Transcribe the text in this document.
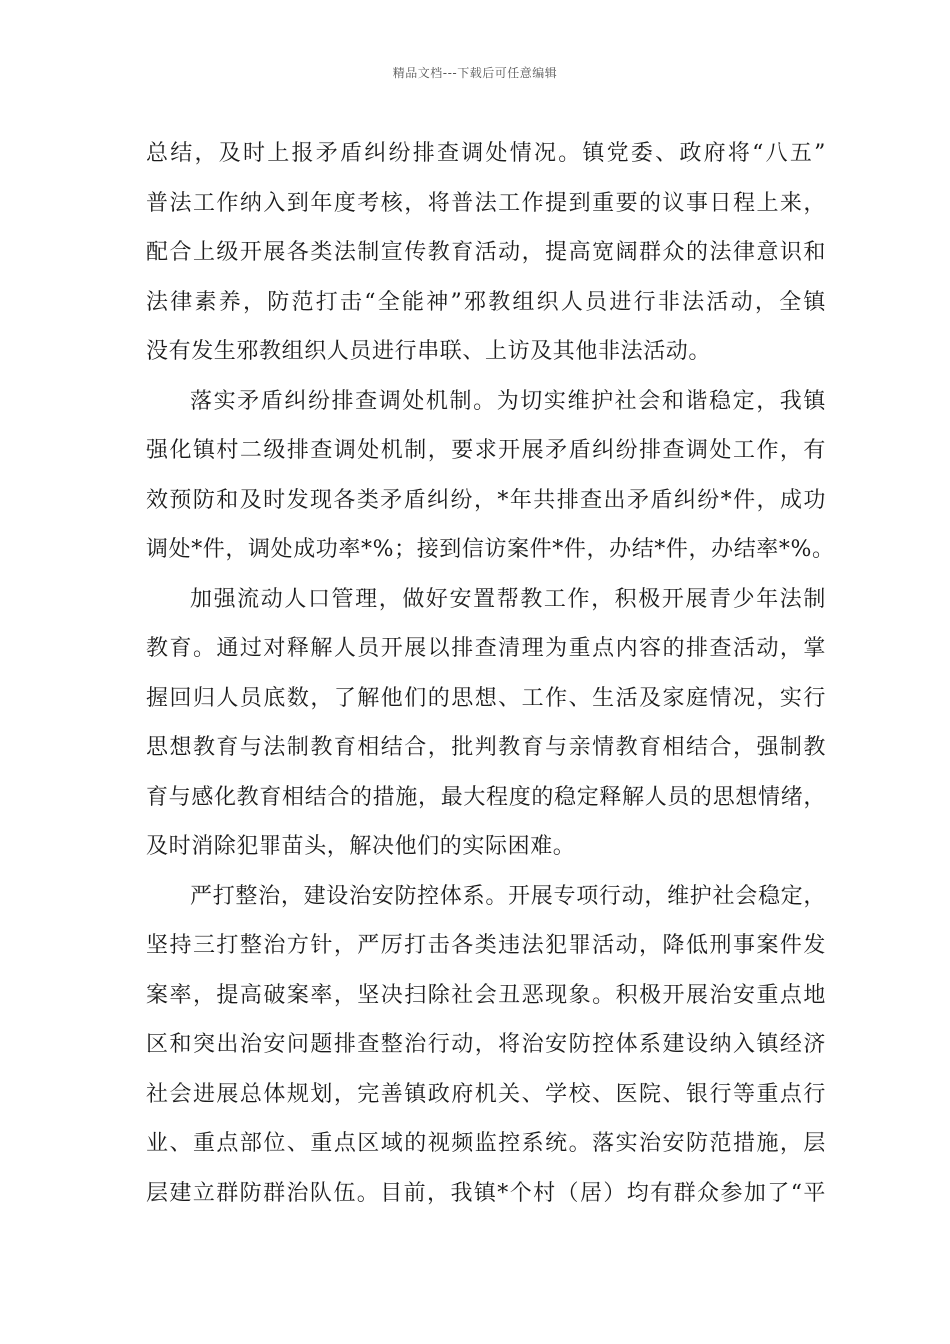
精品文档---下载后可任意编辑
总结，及时上报矛盾纠纷排查调处情况。镇党委、政府将“八五”
普法工作纳入到年度考核，将普法工作提到重要的议事日程上来，
配合上级开展各类法制宣传教育活动，提高宽阔群众的法律意识和
法律素养，防范打击“全能神”邪教组织人员进行非法活动，全镇
没有发生邪教组织人员进行串联、上访及其他非法活动。
落实矛盾纠纷排查调处机制。为切实维护社会和谐稳定，我镇
强化镇村二级排查调处机制，要求开展矛盾纠纷排查调处工作，有
效预防和及时发现各类矛盾纠纷，*年共排查出矛盾纠纷*件，成功
调处*件，调处成功率*%；接到信访案件*件，办结*件，办结率*%。
加强流动人口管理，做好安置帮教工作，积极开展青少年法制
教育。通过对释解人员开展以排查清理为重点内容的排查活动，掌
握回归人员底数，了解他们的思想、工作、生活及家庭情况，实行
思想教育与法制教育相结合，批判教育与亲情教育相结合，强制教
育与感化教育相结合的措施，最大程度的稳定释解人员的思想情绪，
及时消除犯罪苗头，解决他们的实际困难。
严打整治，建设治安防控体系。开展专项行动，维护社会稳定，
坚持三打整治方针，严厉打击各类违法犯罪活动，降低刑事案件发
案率，提高破案率，坚决扫除社会丑恶现象。积极开展治安重点地
区和突出治安问题排查整治行动，将治安防控体系建设纳入镇经济
社会进展总体规划，完善镇政府机关、学校、医院、银行等重点行
业、重点部位、重点区域的视频监控系统。落实治安防范措施，层
层建立群防群治队伍。目前，我镇*个村（居）均有群众参加了“平
